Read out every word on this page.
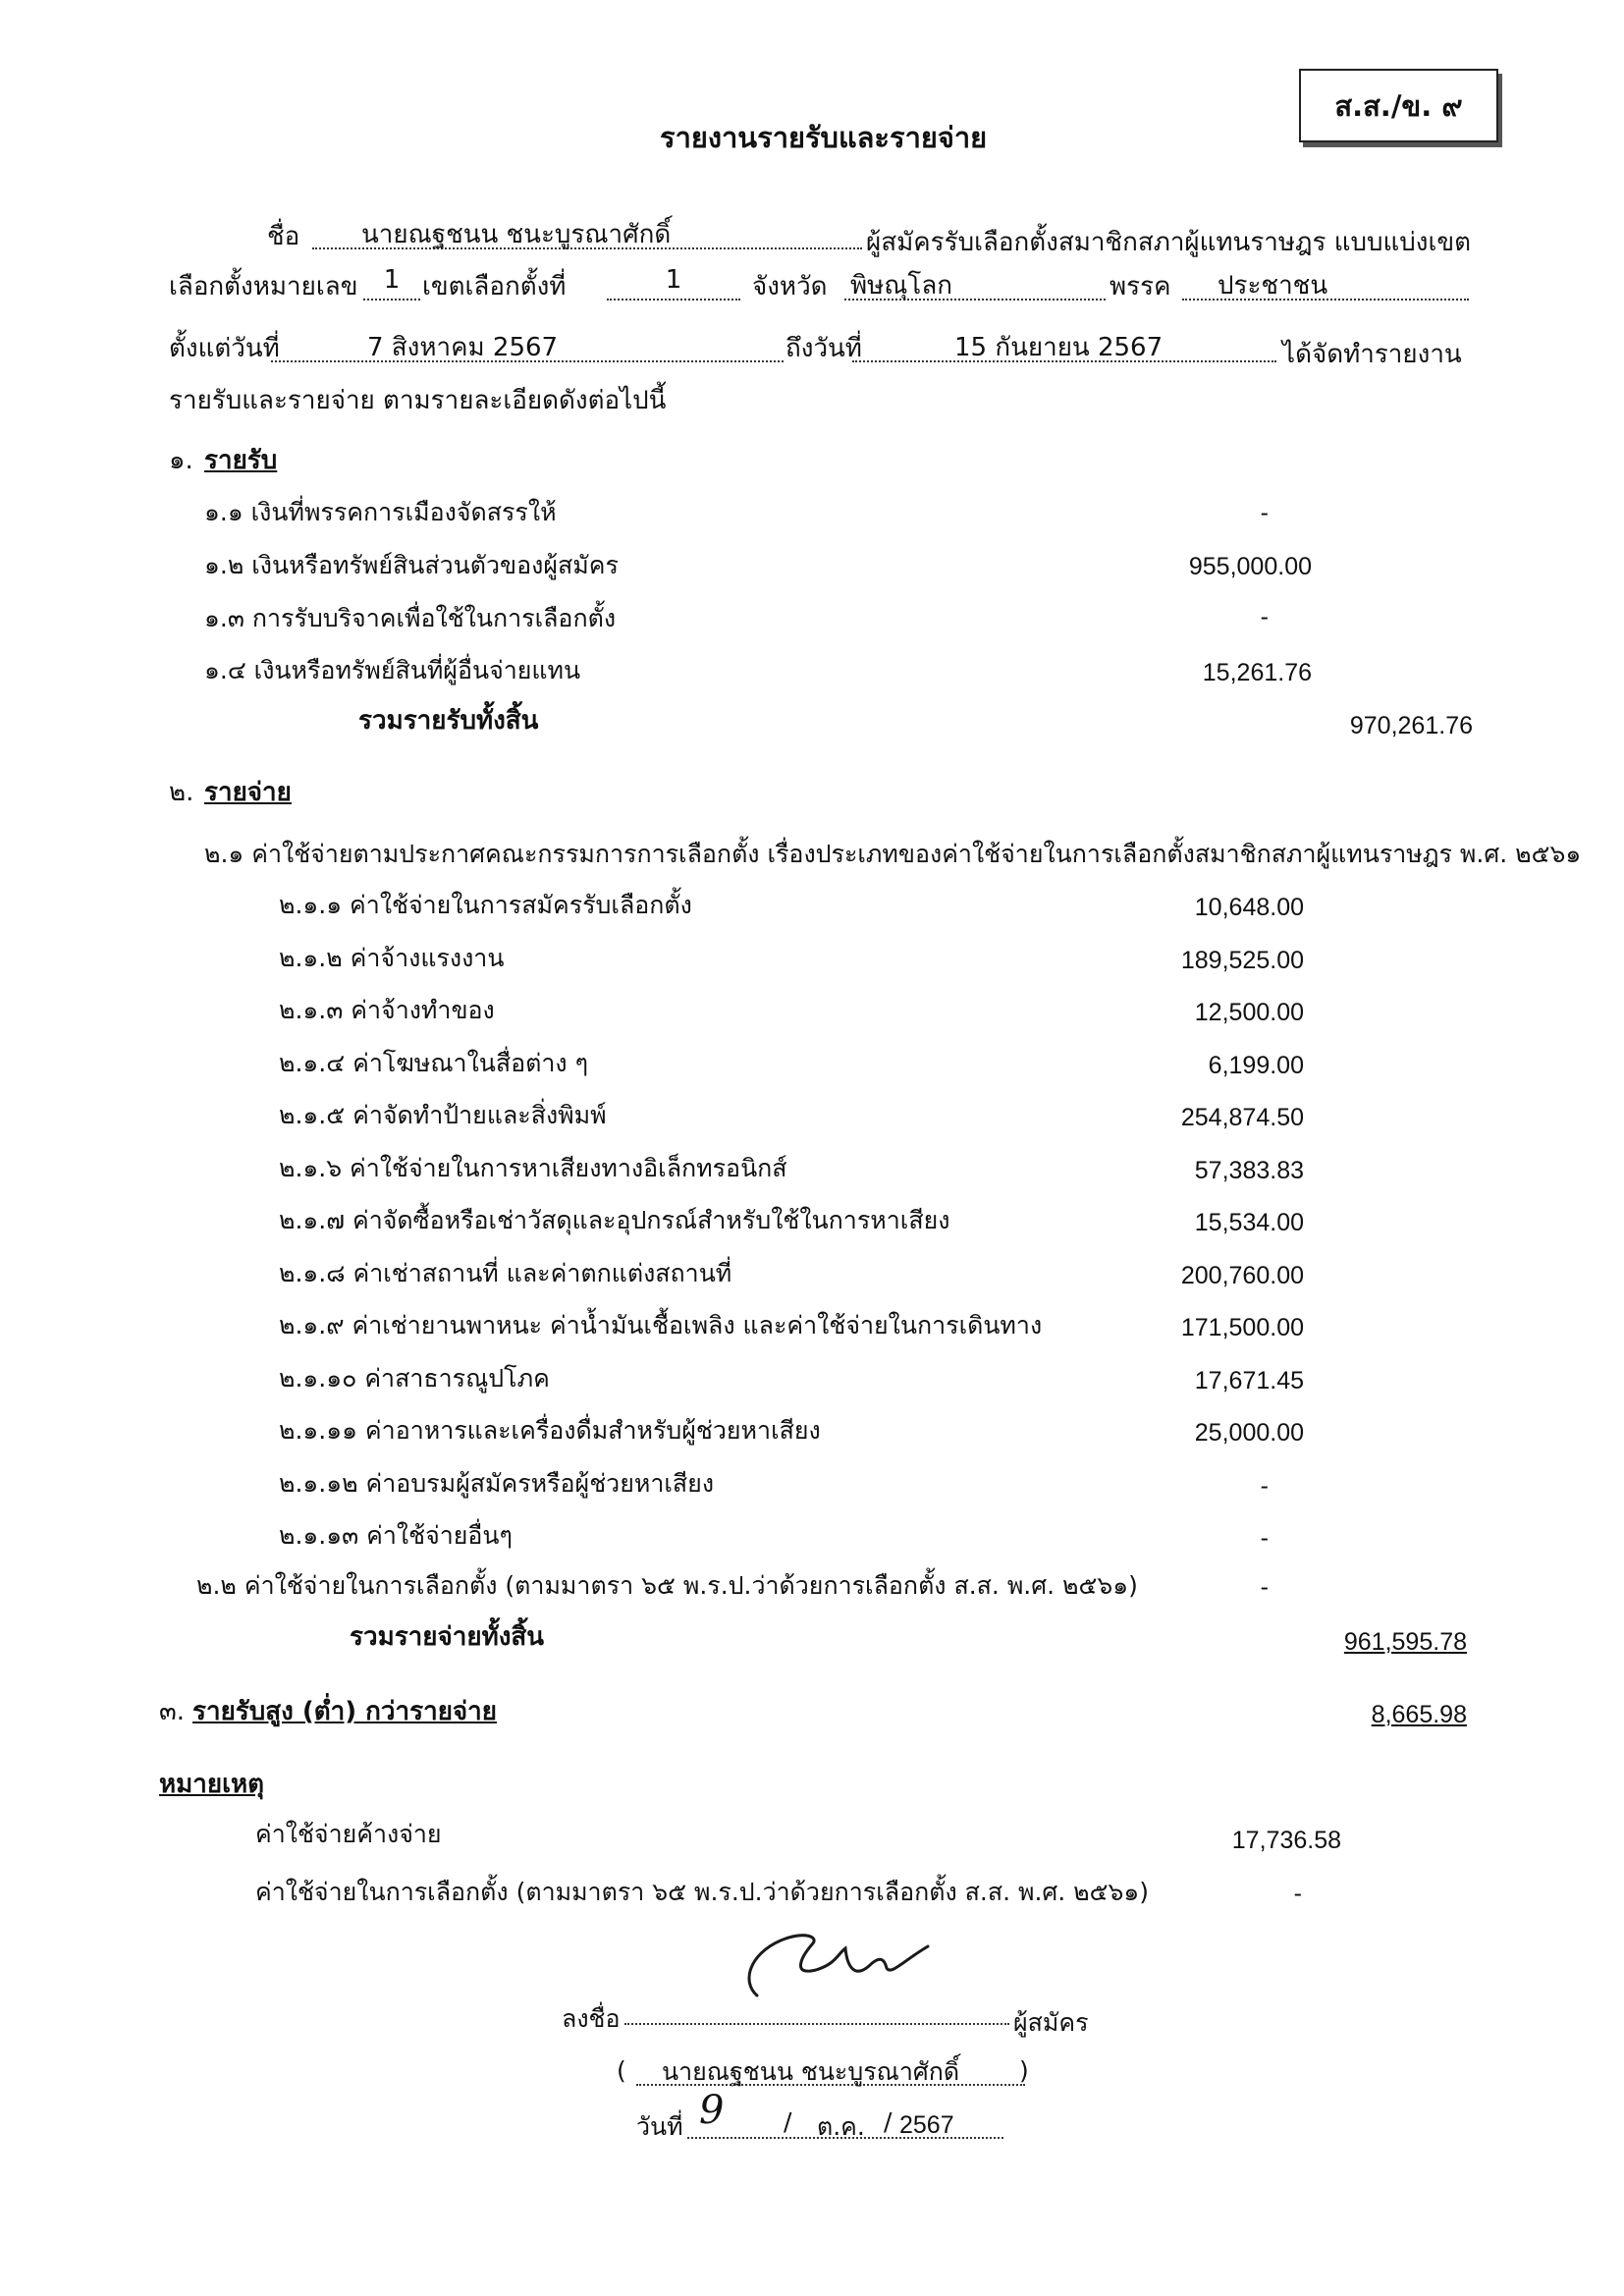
ส.ส./ข. ๙
รายงานรายรับและรายจ่าย
ชื่อ นายณฐชนน ชนะบูรณาศักดิ์	ผู้สมัครรับเลือกตั้งสมาชิกสภาผู้แทนราษฎร แบบแบ่งเขต
เลือกตั้งหมายเลข	1 เขตเลือกตั้งที่	1	จังหวัด พิษณุโลก	พรรค ประชาชน
ตั้งแต่วันที่	7 สิงหาคม 2567	ถึงวันที่	15 กันยายน 2567	ได้จัดทำรายงาน
รายรับและรายจ่าย ตามรายละเอียดดังต่อไปนี้
๑. รายรับ
๑.๑ เงินที่พรรคการเมืองจัดสรรให้	-
๑.๒ เงินหรือทรัพย์สินส่วนตัวของผู้สมัคร	955,000.00
๑.๓ การรับบริจาคเพื่อใช้ในการเลือกตั้ง	-
๑.๔ เงินหรือทรัพย์สินที่ผู้อื่นจ่ายแทน	15,261.76
รวมรายรับทั้งสิ้น	970,261.76
๒. รายจ่าย
๒.๑ ค่าใช้จ่ายตามประกาศคณะกรรมการการเลือกตั้ง เรื่องประเภทของค่าใช้จ่ายในการเลือกตั้งสมาชิกสภาผู้แทนราษฎร พ.ศ. ๒๕๖๑
๒.๑.๑ ค่าใช้จ่ายในการสมัครรับเลือกตั้ง	10,648.00
๒.๑.๒ ค่าจ้างแรงงาน	189,525.00
๒.๑.๓ ค่าจ้างทำของ	12,500.00
๒.๑.๔ ค่าโฆษณาในสื่อต่าง ๆ	6,199.00
๒.๑.๕ ค่าจัดทำป้ายและสิ่งพิมพ์	254,874.50
๒.๑.๖ ค่าใช้จ่ายในการหาเสียงทางอิเล็กทรอนิกส์	57,383.83
๒.๑.๗ ค่าจัดซื้อหรือเช่าวัสดุและอุปกรณ์สำหรับใช้ในการหาเสียง	15,534.00
๒.๑.๘ ค่าเช่าสถานที่ และค่าตกแต่งสถานที่	200,760.00
๒.๑.๙ ค่าเช่ายานพาหนะ ค่าน้ำมันเชื้อเพลิง และค่าใช้จ่ายในการเดินทาง	171,500.00
๒.๑.๑๐ ค่าสาธารณูปโภค	17,671.45
๒.๑.๑๑ ค่าอาหารและเครื่องดื่มสำหรับผู้ช่วยหาเสียง	25,000.00
๒.๑.๑๒ ค่าอบรมผู้สมัครหรือผู้ช่วยหาเสียง	-
๒.๑.๑๓ ค่าใช้จ่ายอื่นๆ	-
๒.๒ ค่าใช้จ่ายในการเลือกตั้ง (ตามมาตรา ๖๕ พ.ร.ป.ว่าด้วยการเลือกตั้ง ส.ส. พ.ศ. ๒๕๖๑)	-
รวมรายจ่ายทั้งสิ้น	961,595.78
๓. รายรับสูง (ต่ำ) กว่ารายจ่าย	8,665.98
หมายเหตุ
ค่าใช้จ่ายค้างจ่าย	17,736.58
ค่าใช้จ่ายในการเลือกตั้ง (ตามมาตรา ๖๕ พ.ร.ป.ว่าด้วยการเลือกตั้ง ส.ส. พ.ศ. ๒๕๖๑)	-
ลงชื่อ	ผู้สมัคร
( นายณฐชนน ชนะบูรณาศักดิ์ )
วันที่ 9 / ต.ค. / 2567
